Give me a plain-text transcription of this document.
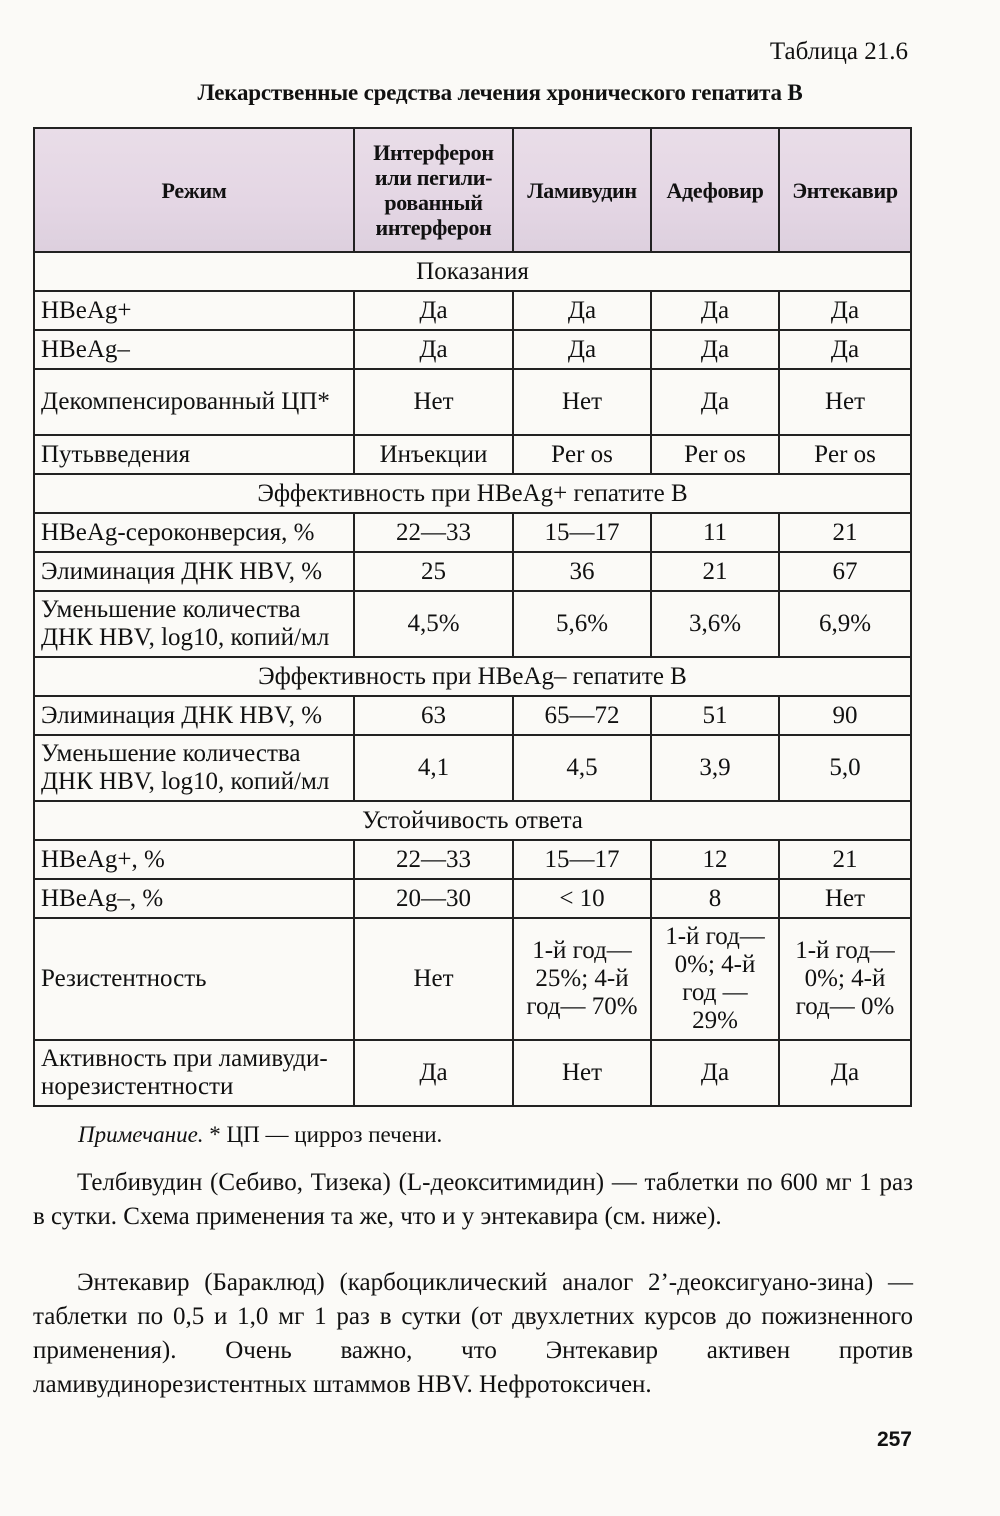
Таблица 21.6
Лекарственные средства лечения хронического гепатита В
Режим	Интерферон или пегили-рованный интерферон	Ламивудин	Адефовир	Энтекавир
Показания				
HBeAg+	Да	Да	Да	Да
HBeAg–	Да	Да	Да	Да
Декомпенсированный ЦП*	Нет	Нет	Да	Нет
Путьвведения	Инъекции	Per os	Per os	Per os
Эффективность при HBeAg+ гепатите В				
HBeAg-сероконверсия, %	22—33	15—17	11	21
Элиминация ДНК HBV, %	25	36	21	67
Уменьшение количества ДНК HBV, log10, копий/мл	4,5%	5,6%	3,6%	6,9%
Эффективность при HBeAg– гепатите В				
Элиминация ДНК HBV, %	63	65—72	51	90
Уменьшение количества ДНК HBV, log10, копий/мл	4,1	4,5	3,9	5,0
Устойчивость ответа				
HBeAg+, %	22—33	15—17	12	21
HBeAg–, %	20—30	< 10	8	Нет
Резистентность	Нет	1-й год— 25%; 4-й год— 70%	1-й год— 0%; 4-й год — 29%	1-й год— 0%; 4-й год— 0%
Активность при ламивуди-норезистентности	Да	Нет	Да	Да
Примечание. * ЦП — цирроз печени.
Телбивудин (Себиво, Тизека) (L-деокситимидин) — таблетки по 600 мг 1 раз в сутки. Схема применения та же, что и у энтекавира (см. ниже).
Энтекавир (Бараклюд) (карбоциклический аналог 2’-деоксигуано-зина) — таблетки по 0,5 и 1,0 мг 1 раз в сутки (от двухлетних курсов до пожизненного применения). Очень важно, что Энтекавир активен против ламивудинорезистентных штаммов HBV. Нефротоксичен.
257
